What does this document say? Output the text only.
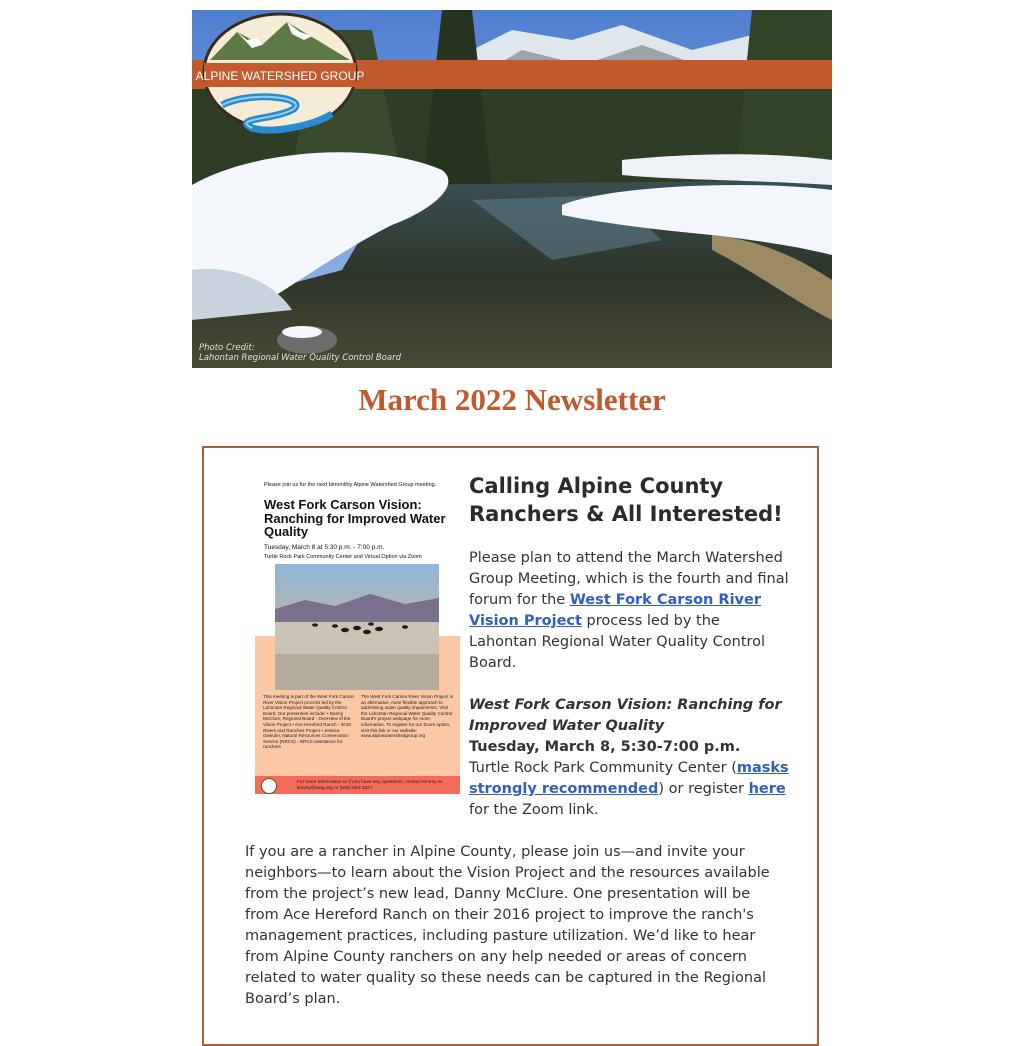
ALPINE WATERSHED GROUP
Photo Credit:
Lahontan Regional Water Quality Control Board
March 2022 Newsletter
Please join us for the next bimonthly Alpine Watershed Group meeting.
West Fork Carson Vision: Ranching for Improved Water Quality
Tuesday, March 8 at 5:30 p.m. - 7:00 p.m.
Turtle Rock Park Community Center and Virtual Option via Zoom
This meeting is part of the West Fork Carson River Vision Project process led by the Lahontan Regional Water Quality Control Board. Our presenters include: • Danny McClure, Regional Board ◦ Overview of the Vision Project • Ace Hereford Ranch ◦ 2016 Rivers and Ranches Project • Jessica Gwinder, Natural Resources Conservation Service (NRCS) ◦ NRCS assistance for ranchers
The West Fork Carson River Vision Project is an alternative, more flexible approach to addressing water quality impairments. Visit the Lahontan Regional Water Quality Control Board's project webpage for more information. To register for our Zoom option, visit this link or our website: www.alpinewatershedgroup.org
For more information or if you have any questions, contact Kimmy at kimmy@awg.org or (530) 694-2327
Calling Alpine County Ranchers & All Interested!
Please plan to attend the March Watershed Group Meeting, which is the fourth and final forum for the West Fork Carson River Vision Project process led by the Lahontan Regional Water Quality Control Board.
West Fork Carson Vision: Ranching for Improved Water Quality
Tuesday, March 8, 5:30-7:00 p.m.
Turtle Rock Park Community Center (masks strongly recommended) or register here for the Zoom link.
If you are a rancher in Alpine County, please join us—and invite your neighbors—to learn about the Vision Project and the resources available from the project’s new lead, Danny McClure. One presentation will be from Ace Hereford Ranch on their 2016 project to improve the ranch's management practices, including pasture utilization. We’d like to hear from Alpine County ranchers on any help needed or areas of concern related to water quality so these needs can be captured in the Regional Board’s plan.
